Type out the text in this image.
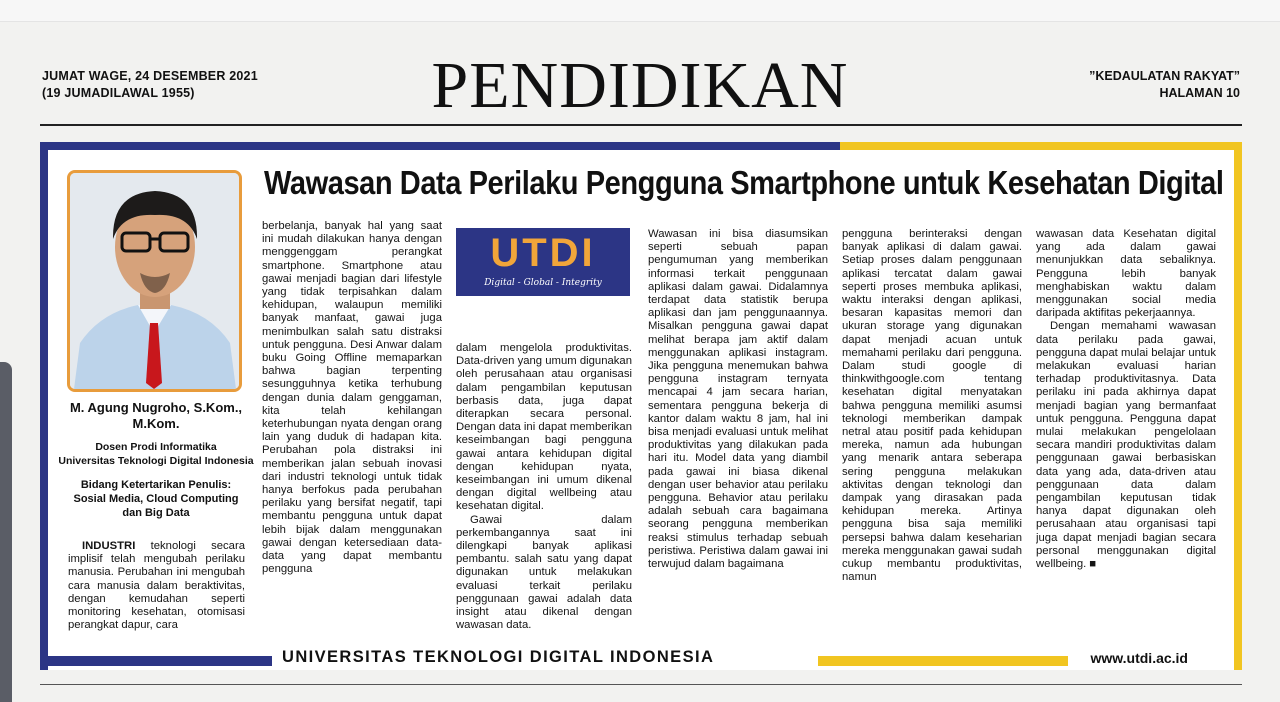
JUMAT WAGE, 24 DESEMBER 2021
(19 JUMADILAWAL 1955)	PENDIDIKAN	”KEDAULATAN RAKYAT”
HALAMAN 10
M. Agung Nugroho, S.Kom.,
M.Kom.
Dosen Prodi Informatika
Universitas Teknologi Digital Indonesia
Bidang Ketertarikan Penulis:
Sosial Media, Cloud Computing
dan Big Data
Wawasan Data Perilaku Pengguna Smartphone untuk Kesehatan Digital
UTDI
Digital - Global - Integrity

INDUSTRI teknologi secara implisif telah mengubah perilaku manusia. Perubahan ini mengubah cara manusia dalam beraktivitas, dengan kemudahan seperti monitoring kesehatan, otomisasi perangkat dapur, cara

berbelanja, banyak hal yang saat ini mudah dilakukan hanya dengan menggenggam perangkat smartphone. Smartphone atau gawai menjadi bagian dari lifestyle yang tidak terpisahkan dalam kehidupan, walaupun memiliki banyak manfaat, gawai juga menimbulkan salah satu distraksi untuk pengguna. Desi Anwar dalam buku Going Offline memaparkan bahwa bagian terpenting sesungguhnya ketika terhubung dengan dunia dalam genggaman, kita telah kehilangan keterhubungan nyata dengan orang lain yang duduk di hadapan kita. Perubahan pola distraksi ini memberikan jalan sebuah inovasi dari industri teknologi untuk tidak hanya berfokus pada perubahan perilaku yang bersifat negatif, tapi membantu pengguna untuk dapat lebih bijak dalam menggunakan gawai dengan ketersediaan data-data yang dapat membantu pengguna

dalam mengelola produktivitas. Data-driven yang umum digunakan oleh perusahaan atau organisasi dalam pengambilan keputusan berbasis data, juga dapat diterapkan secara personal. Dengan data ini dapat memberikan keseimbangan bagi pengguna gawai antara kehidupan digital dengan kehidupan nyata, keseimbangan ini umum dikenal dengan digital wellbeing atau kesehatan digital.

Gawai dalam perkembangannya saat ini dilengkapi banyak aplikasi pembantu. salah satu yang dapat digunakan untuk melakukan evaluasi terkait perilaku penggunaan gawai adalah data insight atau dikenal dengan wawasan data.

Wawasan ini bisa diasumsikan seperti sebuah papan pengumuman yang memberikan informasi terkait penggunaan aplikasi dalam gawai. Didalamnya terdapat data statistik berupa aplikasi dan jam penggunaannya. Misalkan pengguna gawai dapat melihat berapa jam aktif dalam menggunakan aplikasi instagram. Jika pengguna menemukan bahwa pengguna instagram ternyata mencapai 4 jam secara harian, sementara pengguna bekerja di kantor dalam waktu 8 jam, hal ini bisa menjadi evaluasi untuk melihat produktivitas yang dilakukan pada hari itu. Model data yang diambil pada gawai ini biasa dikenal dengan user behavior atau perilaku pengguna. Behavior atau perilaku adalah sebuah cara bagaimana seorang pengguna memberikan reaksi stimulus terhadap sebuah peristiwa. Peristiwa dalam gawai ini terwujud dalam bagaimana

pengguna berinteraksi dengan banyak aplikasi di dalam gawai. Setiap proses dalam penggunaan aplikasi tercatat dalam gawai seperti proses membuka aplikasi, waktu interaksi dengan aplikasi, besaran kapasitas memori dan ukuran storage yang digunakan dapat menjadi acuan untuk memahami perilaku dari pengguna. Dalam studi google di thinkwithgoogle.com tentang kesehatan digital menyatakan bahwa pengguna memiliki asumsi teknologi memberikan dampak netral atau positif pada kehidupan mereka, namun ada hubungan yang menarik antara seberapa sering pengguna melakukan aktivitas dengan teknologi dan dampak yang dirasakan pada kehidupan mereka. Artinya pengguna bisa saja memiliki persepsi bahwa dalam keseharian mereka menggunakan gawai sudah cukup membantu produktivitas, namun

wawasan data Kesehatan digital yang ada dalam gawai menunjukkan data sebaliknya. Pengguna lebih banyak menghabiskan waktu dalam menggunakan social media daripada aktifitas pekerjaannya.

Dengan memahami wawasan data perilaku pada gawai, pengguna dapat mulai belajar untuk melakukan evaluasi harian terhadap produktivitasnya. Data perilaku ini pada akhirnya dapat menjadi bagian yang bermanfaat untuk pengguna. Pengguna dapat mulai melakukan pengelolaan secara mandiri produktivitas dalam penggunaan gawai berbasiskan data yang ada, data-driven atau penggunaan data dalam pengambilan keputusan tidak hanya dapat digunakan oleh perusahaan atau organisasi tapi juga dapat menjadi bagian secara personal menggunakan digital wellbeing. ■

UNIVERSITAS TEKNOLOGI DIGITAL INDONESIA	www.utdi.ac.id
